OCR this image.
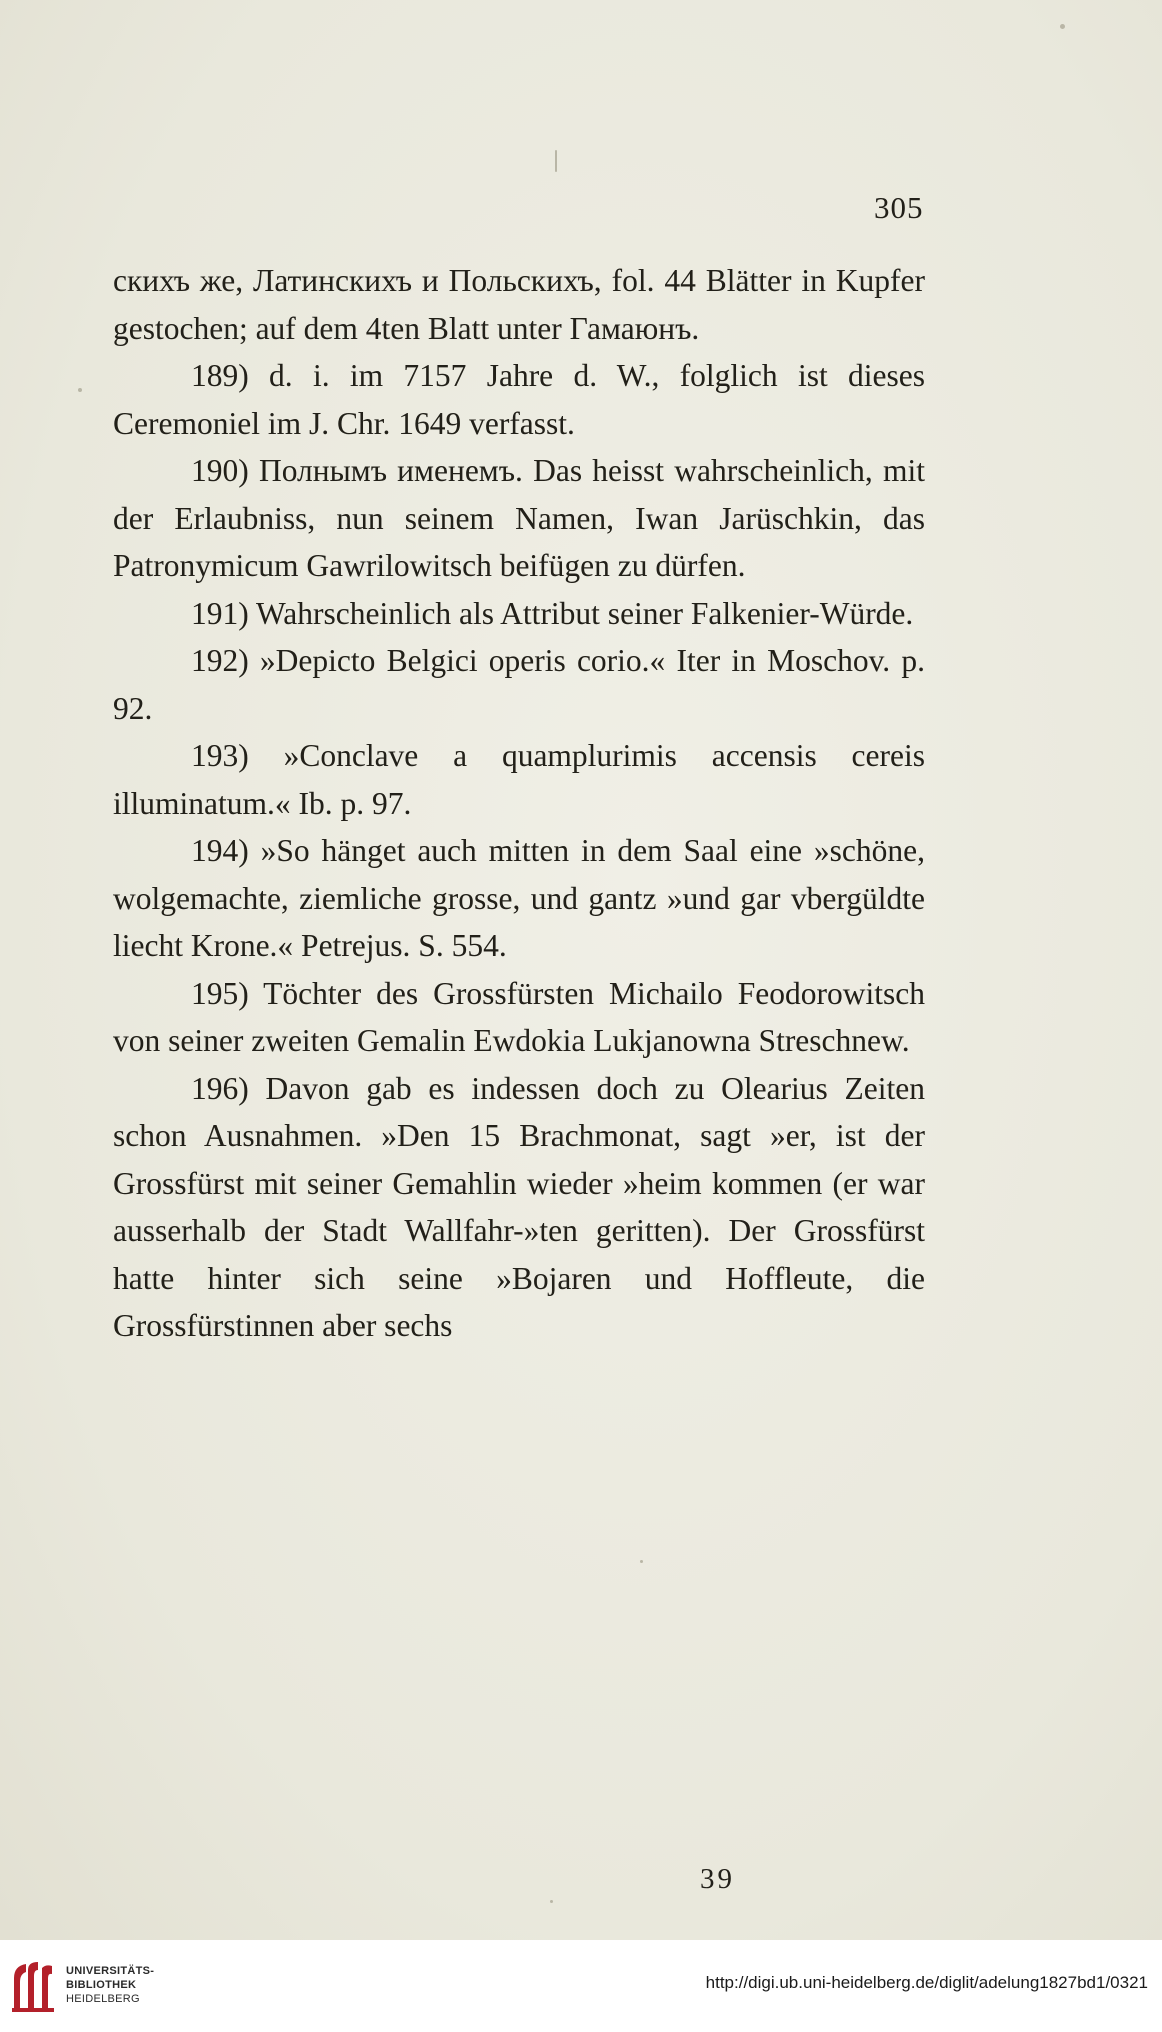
305

скихъ же, Латинскихъ и Польскихъ, fol. 44 Blätter in Kupfer gestochen; auf dem 4ten Blatt unter Гамаюнъ.

189) d. i. im 7157 Jahre d. W., folglich ist dieses Ceremoniel im J. Chr. 1649 verfasst.

190) Полнымъ именемъ. Das heisst wahrscheinlich, mit der Erlaubniss, nun seinem Namen, Iwan Jarüschkin, das Patronymicum Gawrilowitsch beifügen zu dürfen.

191) Wahrscheinlich als Attribut seiner Falkenier-Würde.

192) »Depicto Belgici operis corio.« Iter in Moschov. p. 92.

193) »Conclave a quamplurimis accensis cereis illuminatum.« Ib. p. 97.

194) »So hänget auch mitten in dem Saal eine »schöne, wolgemachte, ziemliche grosse, und gantz »und gar vbergüldte liecht Krone.« Petrejus. S. 554.

195) Töchter des Grossfürsten Michailo Feodorowitsch von seiner zweiten Gemalin Ewdokia Lukjanowna Streschnew.

196) Davon gab es indessen doch zu Olearius Zeiten schon Ausnahmen. »Den 15 Brachmonat, sagt »er, ist der Grossfürst mit seiner Gemahlin wieder »heim kommen (er war ausserhalb der Stadt Wallfahr-»ten geritten). Der Grossfürst hatte hinter sich seine »Bojaren und Hoffleute, die Grossfürstinnen aber sechs

39
UNIVERSITÄTS-
BIBLIOTHEK
HEIDELBERG
http://digi.ub.uni-heidelberg.de/diglit/adelung1827bd1/0321
